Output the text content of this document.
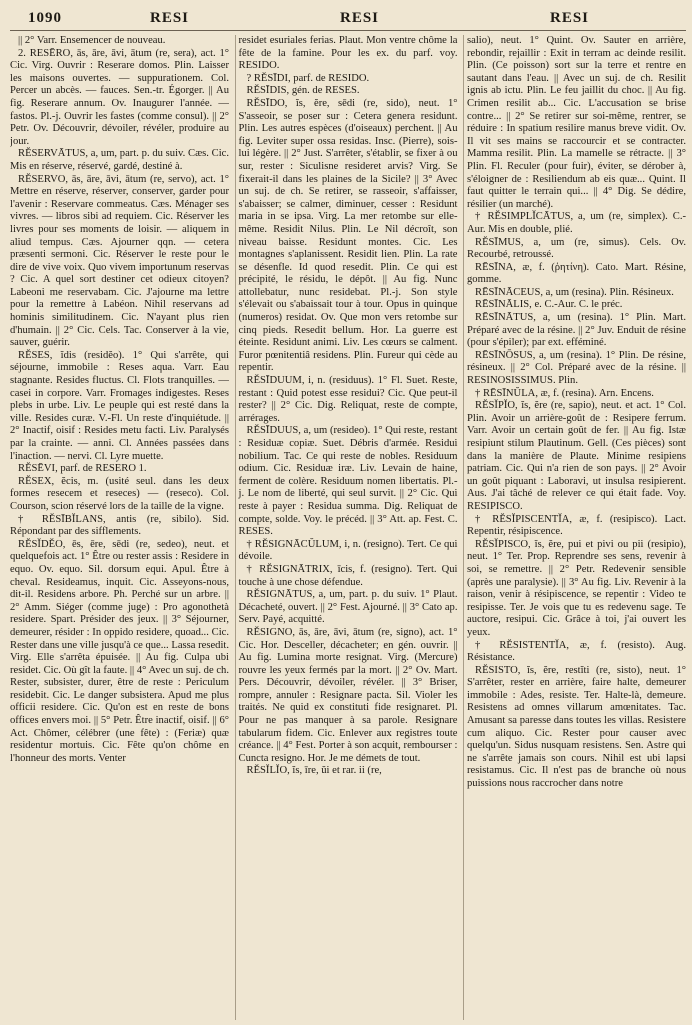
1090	RESI	RESI	RESI

|| 2° Varr. Ensemencer de nouveau.

2. RESĒRO, ās, āre, āvi, ātum (re, sera), act. 1° Cic. Virg. Ouvrir : Reserare domos. Plin. Laisser les maisons ouvertes. — suppurationem. Col. Percer un abcès. — fauces. Sen.-tr. Égorger. || Au fig. Reserare annum. Ov. Inaugurer l'année. — fastos. Pl.-j. Ouvrir les fastes (comme consul). || 2° Petr. Ov. Découvrir, dévoiler, révéler, produire au jour.

RĔSERVĀTUS, a, um, part. p. du suiv. Cæs. Cic. Mis en réserve, réservé, gardé, destiné à.

RĔSERVO, ās, āre, āvi, ātum (re, servo), act. 1° Mettre en réserve, réserver, conserver, garder pour l'avenir : Reservare commeatus. Cæs. Ménager ses vivres. — libros sibi ad requiem. Cic. Réserver les livres pour ses moments de loisir. — aliquem in aliud tempus. Cæs. Ajourner qqn. — cetera præsenti sermoni. Cic. Réserver le reste pour le dire de vive voix. Quo vivem importunum reservas ? Cic. A quel sort destiner cet odieux citoyen? Labeoni me reservabam. Cic. J'ajourne ma lettre pour la remettre à Labéon. Nihil reservans ad hominis similitudinem. Cic. N'ayant plus rien d'humain. || 2° Cic. Cels. Tac. Conserver à la vie, sauver, guérir.

RĔSES, ĭdis (residĕo). 1° Qui s'arrête, qui séjourne, immobile : Reses aqua. Varr. Eau stagnante. Resides fluctus. Cl. Flots tranquilles. — casei in corpore. Varr. Fromages indigestes. Reses plebs in urbe. Liv. Le peuple qui est resté dans la ville. Resides curæ. V.-Fl. Un reste d'inquiétude. || 2° Inactif, oisif : Resides metu facti. Liv. Paralysés par la crainte. — anni. Cl. Années passées dans l'inaction. — nervi. Cl. Lyre muette.

RĔSĒVI, parf. de RESERO 1.

RĔSEX, ĕcis, m. (usité seul. dans les deux formes resecem et reseces) — (reseco). Col. Courson, scion réservé lors de la taille de la vigne.

† RĔSĪBĬLANS, antis (re, sibilo). Sid. Répondant par des sifflements.

RĔSĬDĔO, ēs, ēre, sēdi (re, sedeo), neut. et quelquefois act. 1° Être ou rester assis : Residere in equo. Ov. equo. Sil. dorsum equi. Apul. Être à cheval. Resideamus, inquit. Cic. Asseyons-nous, dit-il. Residens arbore. Ph. Perché sur un arbre. || 2° Amm. Siéger (comme juge) : Pro agonothetà residere. Spart. Présider des jeux. || 3° Séjourner, demeurer, résider : In oppido residere, quoad... Cic. Rester dans une ville jusqu'à ce que... Lassa resedit. Virg. Elle s'arrêta épuisée. || Au fig. Culpa ubi residet. Cic. Où gît la faute. || 4° Avec un suj. de ch. Rester, subsister, durer, être de reste : Periculum residebit. Cic. Le danger subsistera. Apud me plus officii residere. Cic. Qu'on est en reste de bons offices envers moi. || 5° Petr. Être inactif, oisif. || 6° Act. Chômer, célébrer (une fête) : (Feriæ) quæ residentur mortuis. Cic. Fête qu'on chôme en l'honneur des morts. Venter

residet esuriales ferias. Plaut. Mon ventre chôme la fête de la famine. Pour les ex. du parf. voy. RESIDO.

? RĔSĪDI, parf. de RESIDO.

RĔSĪDIS, gén. de RESES.

RĔSĪDO, ĭs, ĕre, sēdi (re, sido), neut. 1° S'asseoir, se poser sur : Cetera genera residunt. Plin. Les autres espèces (d'oiseaux) perchent. || Au fig. Leviter super ossa residas. Insc. (Pierre), sois-lui légère. || 2° Just. S'arrêter, s'établir, se fixer à ou sur, rester : Siculisne resideret arvis? Virg. Se fixerait-il dans les plaines de la Sicile? || 3° Avec un suj. de ch. Se retirer, se rasseoir, s'affaisser, s'abaisser; se calmer, diminuer, cesser : Residunt maria in se ipsa. Virg. La mer retombe sur elle-même. Residit Nilus. Plin. Le Nil décroît, son niveau baisse. Residunt montes. Cic. Les montagnes s'aplanissent. Residit lien. Plin. La rate se désenfle. Id quod resedit. Plin. Ce qui est précipité, le résidu, le dépôt. || Au fig. Nunc attollebatur, nunc residebat. Pl.-j. Son style s'élevait ou s'abaissait tour à tour. Opus in quinque (numeros) residat. Ov. Que mon vers retombe sur cinq pieds. Resedit bellum. Hor. La guerre est éteinte. Residunt animi. Liv. Les cœurs se calment. Furor pœnitentiâ residens. Plin. Fureur qui cède au repentir.

RĔSĪDUUM, i, n. (residuus). 1° Fl. Suet. Reste, restant : Quid potest esse residui? Cic. Que peut-il rester? || 2° Cic. Dig. Reliquat, reste de compte, arrérages.

RĔSĪDUUS, a, um (resideo). 1° Qui reste, restant : Residuæ copiæ. Suet. Débris d'armée. Residui nobilium. Tac. Ce qui reste de nobles. Residuum odium. Cic. Residuæ iræ. Liv. Levain de haine, ferment de colère. Residuum nomen libertatis. Pl.-j. Le nom de liberté, qui seul survit. || 2° Cic. Qui reste à payer : Residua summa. Dig. Reliquat de compte, solde. Voy. le précéd. || 3° Att. ap. Fest. C. RESES.

† RĔSIGNĀCŬLUM, i, n. (resigno). Tert. Ce qui dévoile.

† RĔSIGNĀTRIX, īcis, f. (resigno). Tert. Qui touche à une chose défendue.

RĔSIGNĀTUS, a, um, part. p. du suiv. 1° Plaut. Décacheté, ouvert. || 2° Fest. Ajourné. || 3° Cato ap. Serv. Payé, acquitté.

RĔSIGNO, ās, āre, āvi, ātum (re, signo), act. 1° Cic. Hor. Desceller, décacheter; en gén. ouvrir. || Au fig. Lumina morte resignat. Virg. (Mercure) rouvre les yeux fermés par la mort. || 2° Ov. Mart. Pers. Découvrir, dévoiler, révéler. || 3° Briser, rompre, annuler : Resignare pacta. Sil. Violer les traités. Ne quid ex constituti fide resignaret. Pl. Pour ne pas manquer à sa parole. Resignare tabularum fidem. Cic. Enlever aux registres toute créance. || 4° Fest. Porter à son acquit, rembourser : Cuncta resigno. Hor. Je me démets de tout.

RĔSĬLĬO, ĭs, īre, ŭi et rar. ii (re,

salio), neut. 1° Quint. Ov. Sauter en arrière, rebondir, rejaillir : Exit in terram ac deinde resilit. Plin. (Ce poisson) sort sur la terre et rentre en sautant dans l'eau. || Avec un suj. de ch. Resilit ignis ab ictu. Plin. Le feu jaillit du choc. || Au fig. Crimen resilit ab... Cic. L'accusation se brise contre... || 2° Se retirer sur soi-même, rentrer, se réduire : In spatium resilire manus breve vidit. Ov. Il vit ses mains se raccourcir et se contracter. Mamma resilit. Plin. La mamelle se rétracte. || 3° Plin. Fl. Reculer (pour fuir), éviter, se dérober à, s'éloigner de : Resiliendum ab eis quæ... Quint. Il faut quitter le terrain qui... || 4° Dig. Se dédire, résilier (un marché).

† RĔSIMPLĬCĀTUS, a, um (re, simplex). C.-Aur. Mis en double, plié.

RĔSĪMUS, a, um (re, simus). Cels. Ov. Recourbé, retroussé.

RĒSĪNA, æ, f. (ῥητίνη). Cato. Mart. Résine, gomme.

RĒSĪNĀCEUS, a, um (resina). Plin. Résineux.

RĒSĪNĀLIS, e. C.-Aur. C. le préc.

RĒSĪNĀTUS, a, um (resina). 1° Plin. Mart. Préparé avec de la résine. || 2° Juv. Enduit de résine (pour s'épiler); par ext. efféminé.

RĒSĪNŌSUS, a, um (resina). 1° Plin. De résine, résineux. || 2° Col. Préparé avec de la résine. || RESINOSISSIMUS. Plin.

† RĒSĪNŬLA, æ, f. (resina). Arn. Encens.

RĔSĬPĬO, ĭs, ĕre (re, sapio), neut. et act. 1° Col. Plin. Avoir un arrière-goût de : Resipere ferrum. Varr. Avoir un certain goût de fer. || Au fig. Istæ resipiunt stilum Plautinum. Gell. (Ces pièces) sont dans la manière de Plaute. Minime resipiens patriam. Cic. Qui n'a rien de son pays. || 2° Avoir un goût piquant : Laboravi, ut insulsa resipierent. Aus. J'ai tâché de relever ce qui était fade. Voy. RESIPISCO.

† RĔSĬPISCENTĬA, æ, f. (resipisco). Lact. Repentir, résipiscence.

RĔSĬPISCO, ĭs, ĕre, pui et pivi ou pii (resipio), neut. 1° Ter. Prop. Reprendre ses sens, revenir à soi, se remettre. || 2° Petr. Redevenir sensible (après une paralysie). || 3° Au fig. Liv. Revenir à la raison, venir à résipiscence, se repentir : Video te resipisse. Ter. Je vois que tu es redevenu sage. Te auctore, resipui. Cic. Grâce à toi, j'ai ouvert les yeux.

† RĔSISTENTĬA, æ, f. (resisto). Aug. Résistance.

RĔSISTO, ĭs, ĕre, restĭti (re, sisto), neut. 1° S'arrêter, rester en arrière, faire halte, demeurer immobile : Ades, resiste. Ter. Halte-là, demeure. Resistens ad omnes villarum amœnitates. Tac. Amusant sa paresse dans toutes les villas. Resistere cum aliquo. Cic. Rester pour causer avec quelqu'un. Sidus nusquam resistens. Sen. Astre qui ne s'arrête jamais son cours. Nihil est ubi lapsi resistamus. Cic. Il n'est pas de branche où nous puissions nous raccrocher dans notre
